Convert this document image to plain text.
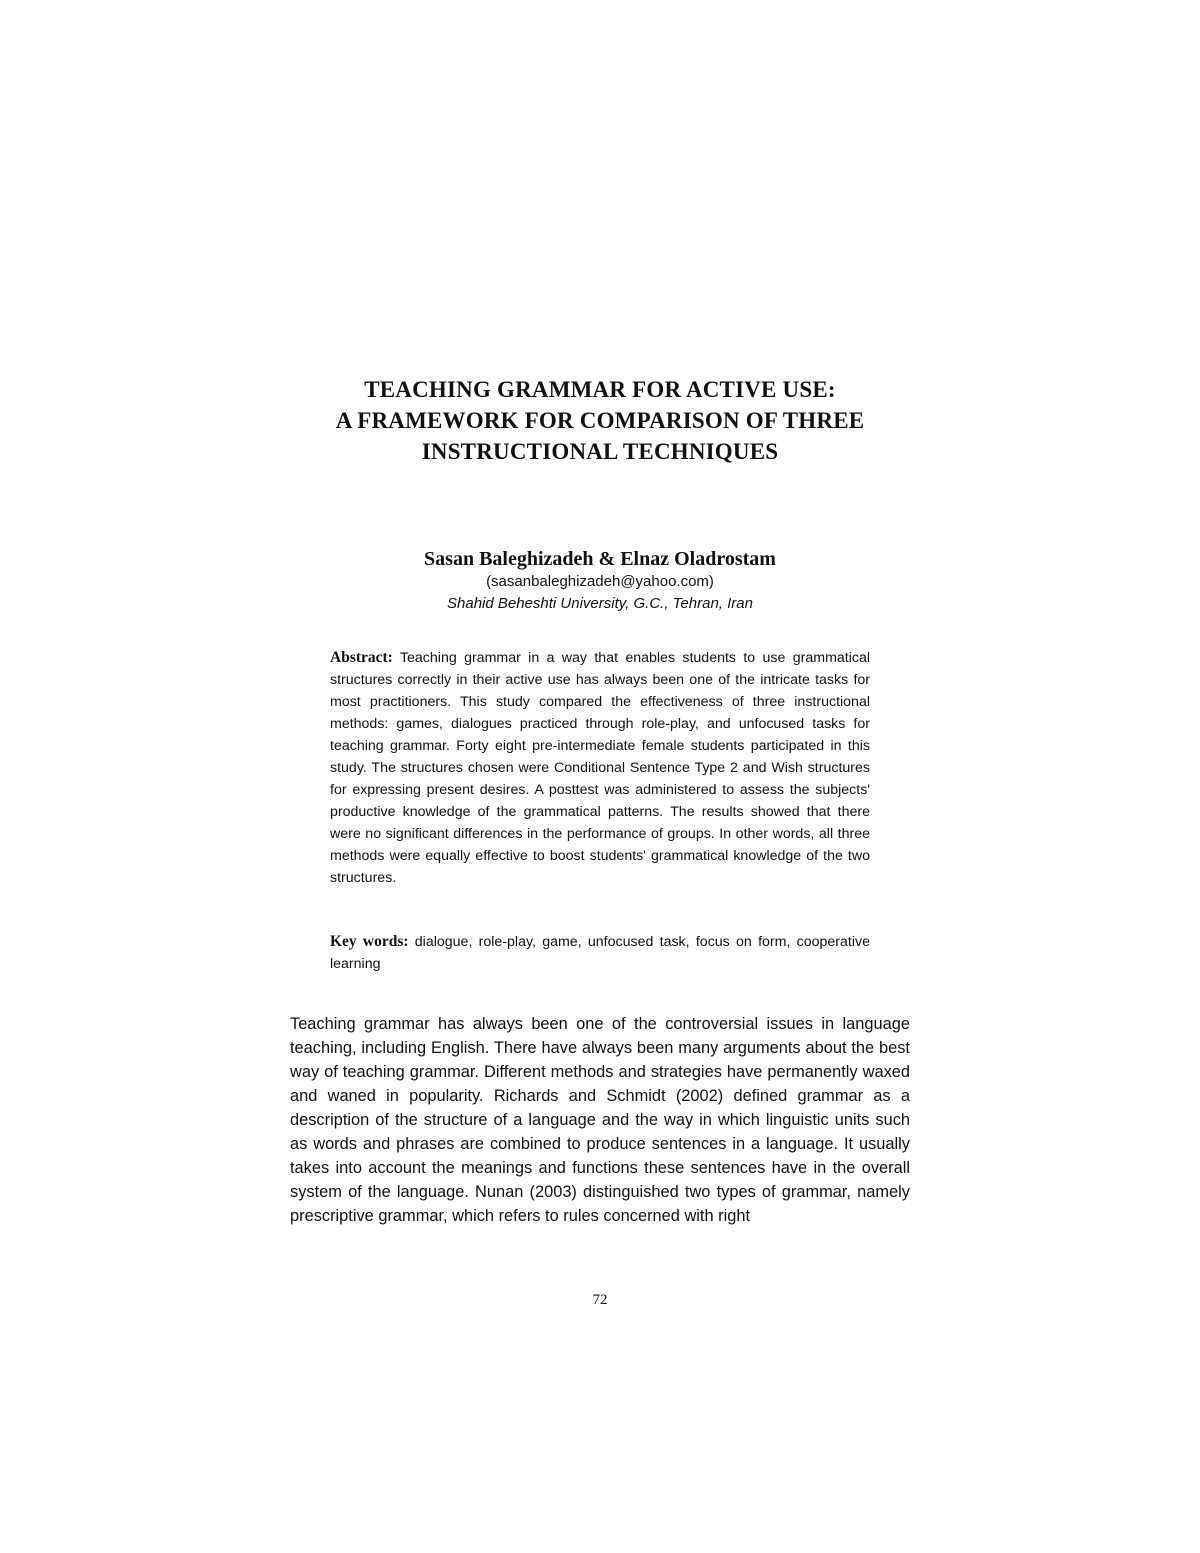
TEACHING GRAMMAR FOR ACTIVE USE:
A FRAMEWORK FOR COMPARISON OF THREE
INSTRUCTIONAL TECHNIQUES
Sasan Baleghizadeh & Elnaz Oladrostam
(sasanbaleghizadeh@yahoo.com)
Shahid Beheshti University, G.C., Tehran, Iran

Abstract: Teaching grammar in a way that enables students to use grammatical structures correctly in their active use has always been one of the intricate tasks for most practitioners. This study compared the effectiveness of three instructional methods: games, dialogues practiced through role-play, and unfocused tasks for teaching grammar. Forty eight pre-intermediate female students participated in this study. The structures chosen were Conditional Sentence Type 2 and Wish structures for expressing present desires. A posttest was administered to assess the subjects' productive knowledge of the grammatical patterns. The results showed that there were no significant differences in the performance of groups. In other words, all three methods were equally effective to boost students' grammatical knowledge of the two structures.

Key words: dialogue, role-play, game, unfocused task, focus on form, cooperative learning

Teaching grammar has always been one of the controversial issues in language teaching, including English. There have always been many arguments about the best way of teaching grammar. Different methods and strategies have permanently waxed and waned in popularity. Richards and Schmidt (2002) defined grammar as a description of the structure of a language and the way in which linguistic units such as words and phrases are combined to produce sentences in a language. It usually takes into account the meanings and functions these sentences have in the overall system of the language. Nunan (2003) distinguished two types of grammar, namely prescriptive grammar, which refers to rules concerned with right

72
